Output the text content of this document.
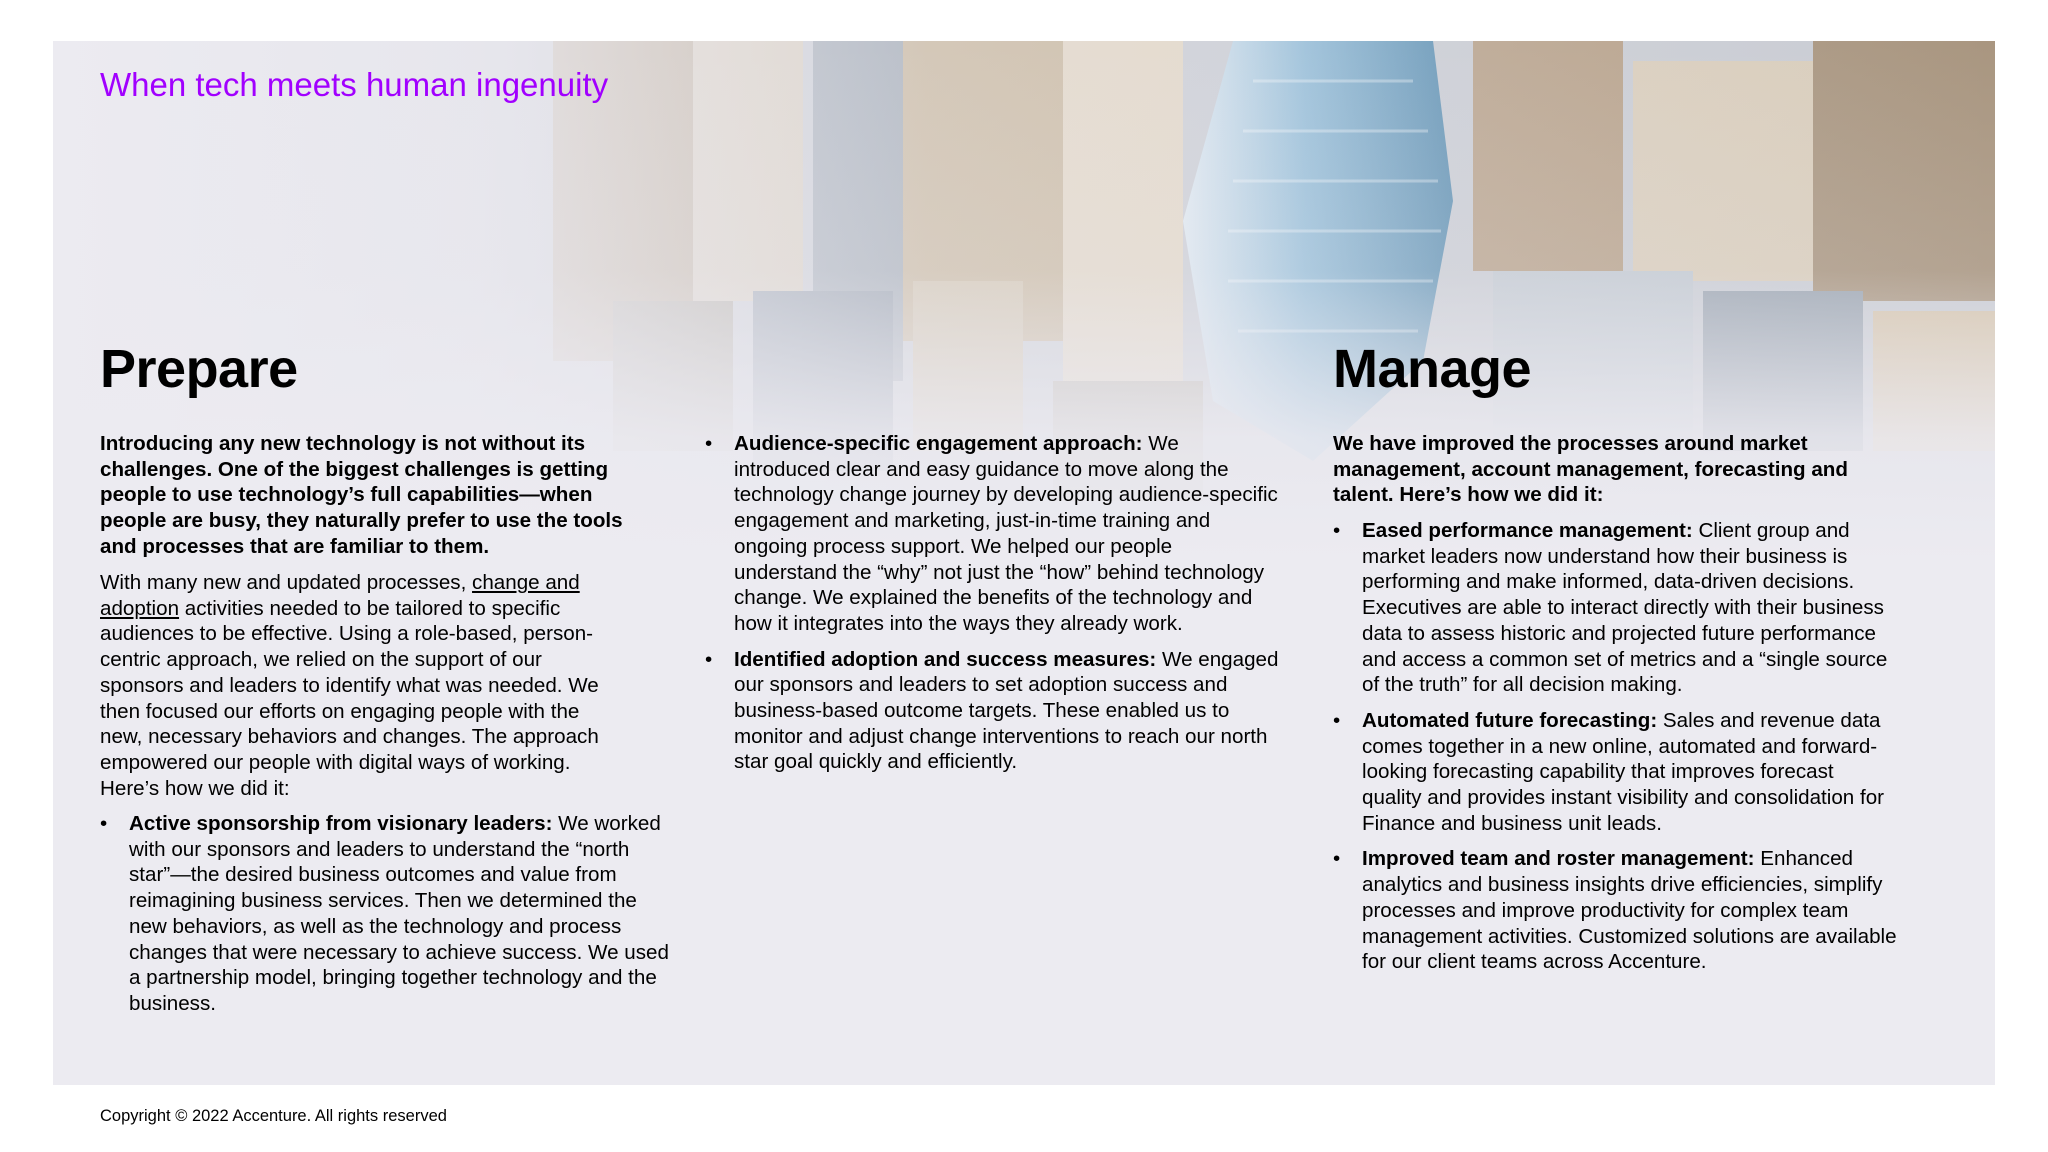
When tech meets human ingenuity
Prepare	Manage

Introducing any new technology is not without its challenges. One of the biggest challenges is getting people to use technology’s full capabilities—when people are busy, they naturally prefer to use the tools and processes that are familiar to them.

With many new and updated processes, change and adoption activities needed to be tailored to specific audiences to be effective. Using a role-based, person-centric approach, we relied on the support of our sponsors and leaders to identify what was needed. We then focused our efforts on engaging people with the new, necessary behaviors and changes. The approach empowered our people with digital ways of working. Here’s how we did it:

• Active sponsorship from visionary leaders: We worked with our sponsors and leaders to understand the “north star”—the desired business outcomes and value from reimagining business services. Then we determined the new behaviors, as well as the technology and process changes that were necessary to achieve success. We used a partnership model, bringing together technology and the business.
• Audience-specific engagement approach: We introduced clear and easy guidance to move along the technology change journey by developing audience-specific engagement and marketing, just-in-time training and ongoing process support. We helped our people understand the “why” not just the “how” behind technology change. We explained the benefits of the technology and how it integrates into the ways they already work.
• Identified adoption and success measures: We engaged our sponsors and leaders to set adoption success and business-based outcome targets. These enabled us to monitor and adjust change interventions to reach our north star goal quickly and efficiently.

We have improved the processes around market management, account management, forecasting and talent. Here’s how we did it:

• Eased performance management: Client group and market leaders now understand how their business is performing and make informed, data-driven decisions. Executives are able to interact directly with their business data to assess historic and projected future performance and access a common set of metrics and a “single source of the truth” for all decision making.
• Automated future forecasting: Sales and revenue data comes together in a new online, automated and forward-looking forecasting capability that improves forecast quality and provides instant visibility and consolidation for Finance and business unit leads.
• Improved team and roster management: Enhanced analytics and business insights drive efficiencies, simplify processes and improve productivity for complex team management activities. Customized solutions are available for our client teams across Accenture.
Copyright © 2022 Accenture. All rights reserved
